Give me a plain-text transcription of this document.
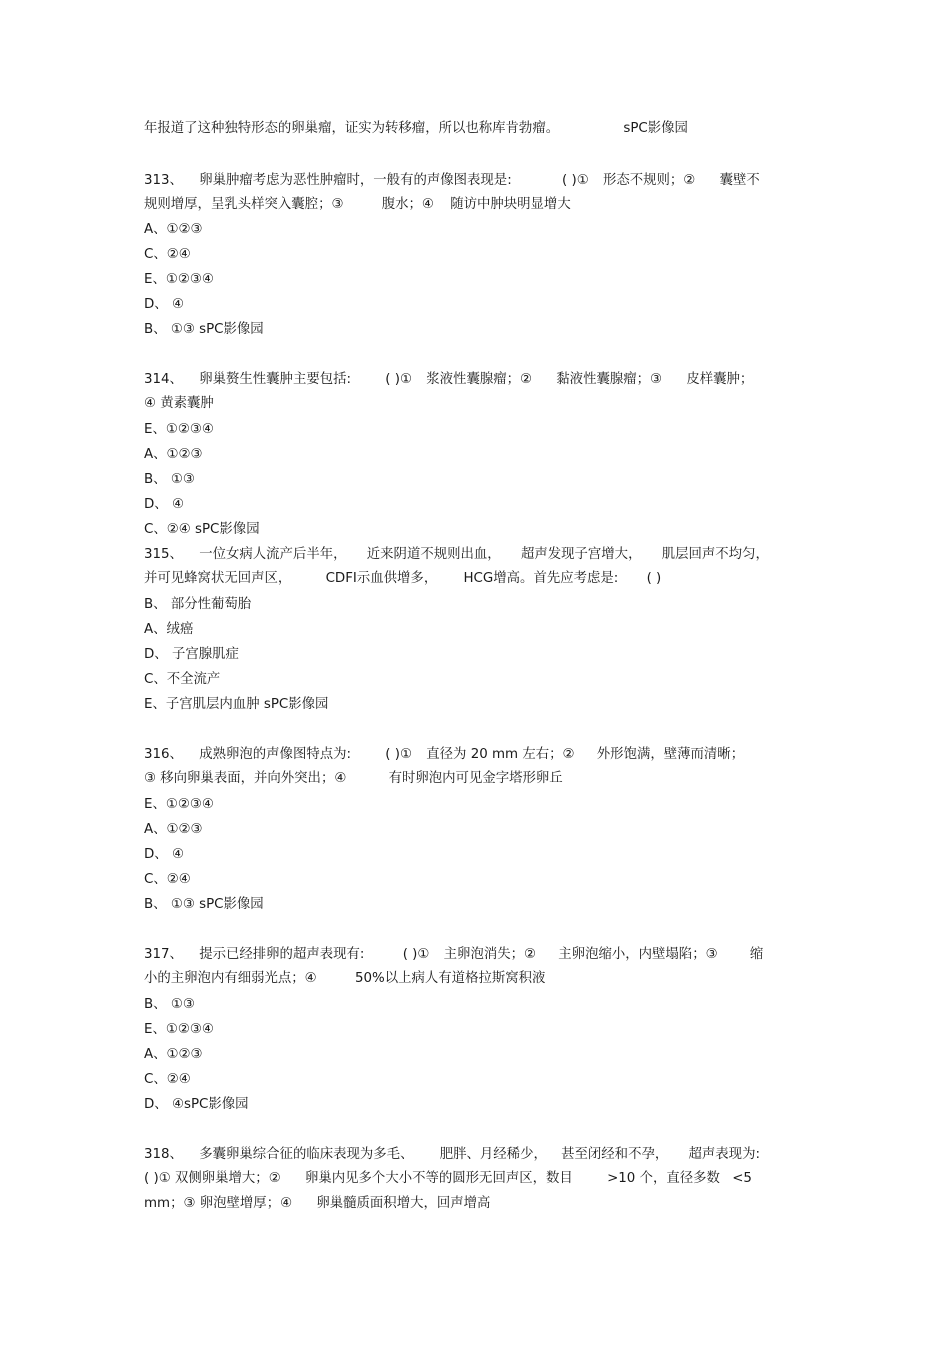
年报道了这种独特形态的卵巢瘤，证实为转移瘤，所以也称库肯勃瘤。	sPC影像园
313、 卵巢肿瘤考虑为恶性肿瘤时，一般有的声像图表现是:	( )① 形态不规则；② 囊壁不
规则增厚，呈乳头样突入囊腔；③	腹水；④ 随访中肿块明显增大
A、①②③
C、②④
E、①②③④
D、 ④
B、 ①③ sPC影像园
314、 卵巢赘生性囊肿主要包括:	( )① 浆液性囊腺瘤；② 黏液性囊腺瘤；③ 皮样囊肿；
④ 黄素囊肿
E、①②③④
A、①②③
B、 ①③
D、 ④
C、②④ sPC影像园
315、 一位女病人流产后半年， 近来阴道不规则出血， 超声发现子宫增大， 肌层回声不均匀，
并可见蜂窝状无回声区，	CDFI示血供增多， HCG增高。首先应考虑是: ( )
B、 部分性葡萄胎
A、绒癌
D、 子宫腺肌症
C、不全流产
E、子宫肌层内血肿 sPC影像园
316、 成熟卵泡的声像图特点为:	( )① 直径为 20 mm 左右；② 外形饱满，壁薄而清晰；
③ 移向卵巢表面，并向外突出；④	有时卵泡内可见金字塔形卵丘
E、①②③④
A、①②③
D、 ④
C、②④
B、 ①③ sPC影像园
317、 提示已经排卵的超声表现有:	( )① 主卵泡消失；② 主卵泡缩小，内壁塌陷；③ 缩
小的主卵泡内有细弱光点；④	50%以上病人有道格拉斯窝积液
B、 ①③
E、①②③④
A、①②③
C、②④
D、 ④sPC影像园
318、 多囊卵巢综合征的临床表现为多毛、 肥胖、月经稀少， 甚至闭经和不孕， 超声表现为:
( )① 双侧卵巢增大；② 卵巢内见多个大小不等的圆形无回声区，数目	>10 个，直径多数 <5
mm；③ 卵泡壁增厚；④ 卵巢髓质面积增大，回声增高
